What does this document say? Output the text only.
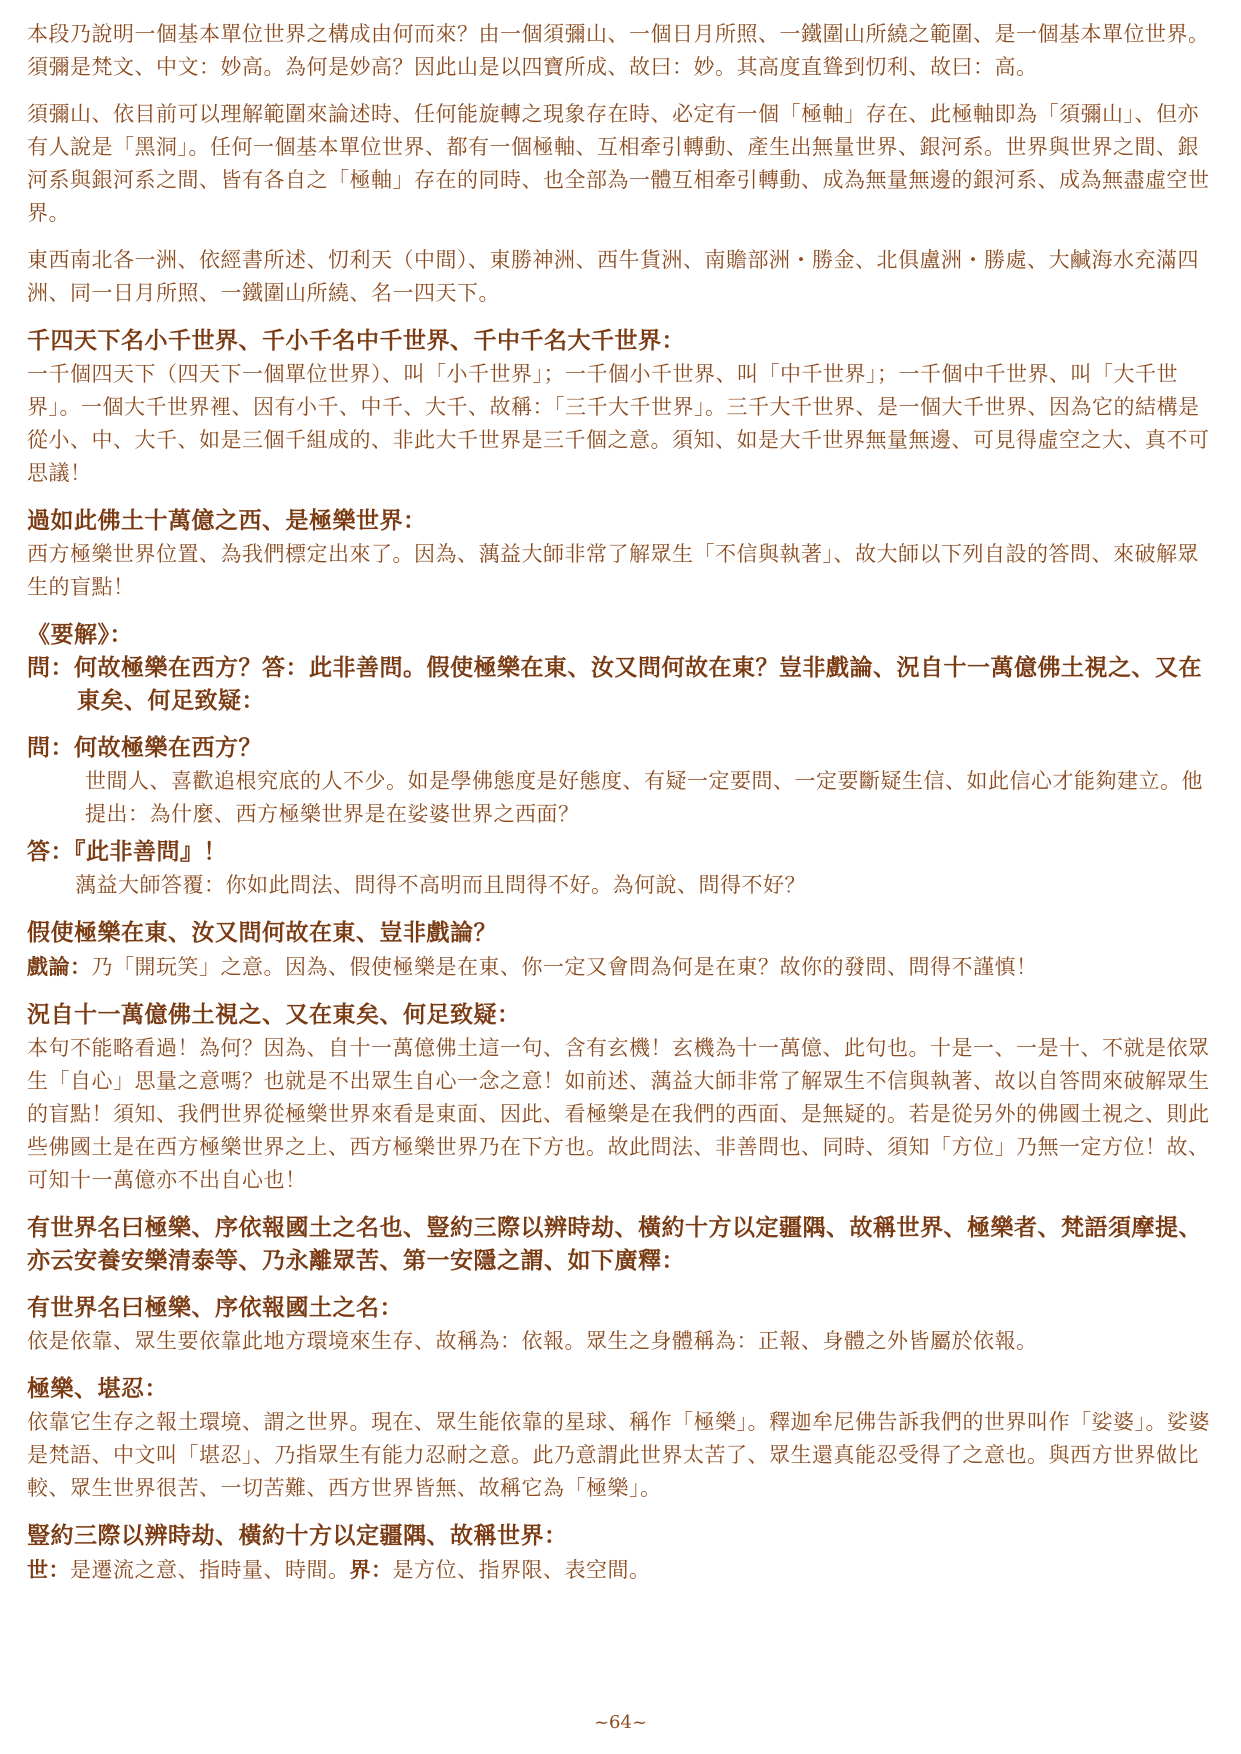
本段乃說明一個基本單位世界之構成由何而來？由一個須彌山、一個日月所照、一鐵圍山所繞之範圍、是一個基本單位世界。須彌是梵文、中文：妙高。為何是妙高？因此山是以四寶所成、故曰：妙。其高度直聳到忉利、故曰：高。

須彌山、依目前可以理解範圍來論述時、任何能旋轉之現象存在時、必定有一個「極軸」存在、此極軸即為「須彌山」、但亦有人說是「黑洞」。任何一個基本單位世界、都有一個極軸、互相牽引轉動、產生出無量世界、銀河系。世界與世界之間、銀河系與銀河系之間、皆有各自之「極軸」存在的同時、也全部為一體互相牽引轉動、成為無量無邊的銀河系、成為無盡虛空世界。

東西南北各一洲、依經書所述、忉利天（中間）、東勝神洲、西牛貨洲、南贍部洲・勝金、北俱盧洲・勝處、大鹹海水充滿四洲、同一日月所照、一鐵圍山所繞、名一四天下。

千四天下名小千世界、千小千名中千世界、千中千名大千世界：

一千個四天下（四天下一個單位世界）、叫「小千世界」；一千個小千世界、叫「中千世界」；一千個中千世界、叫「大千世界」。一個大千世界裡、因有小千、中千、大千、故稱：「三千大千世界」。三千大千世界、是一個大千世界、因為它的結構是從小、中、大千、如是三個千組成的、非此大千世界是三千個之意。須知、如是大千世界無量無邊、可見得虛空之大、真不可思議！

過如此佛土十萬億之西、是極樂世界：

西方極樂世界位置、為我們標定出來了。因為、蕅益大師非常了解眾生「不信與執著」、故大師以下列自設的答問、來破解眾生的盲點！

《要解》：

問：何故極樂在西方？答：此非善問。假使極樂在東、汝又問何故在東？豈非戲論、況自十一萬億佛土視之、又在東矣、何足致疑：

問：何故極樂在西方？

世間人、喜歡追根究底的人不少。如是學佛態度是好態度、有疑一定要問、一定要斷疑生信、如此信心才能夠建立。他提出：為什麼、西方極樂世界是在娑婆世界之西面？

答：『此非善問』！

蕅益大師答覆：你如此問法、問得不高明而且問得不好。為何說、問得不好？

假使極樂在東、汝又問何故在東、豈非戲論？

戲論：乃「開玩笑」之意。因為、假使極樂是在東、你一定又會問為何是在東？故你的發問、問得不謹慎！

況自十一萬億佛土視之、又在東矣、何足致疑：

本句不能略看過！為何？因為、自十一萬億佛土這一句、含有玄機！玄機為十一萬億、此句也。十是一、一是十、不就是依眾生「自心」思量之意嗎？也就是不出眾生自心一念之意！如前述、蕅益大師非常了解眾生不信與執著、故以自答問來破解眾生的盲點！須知、我們世界從極樂世界來看是東面、因此、看極樂是在我們的西面、是無疑的。若是從另外的佛國土視之、則此些佛國土是在西方極樂世界之上、西方極樂世界乃在下方也。故此問法、非善問也、同時、須知「方位」乃無一定方位！故、可知十一萬億亦不出自心也！

有世界名曰極樂、序依報國土之名也、豎約三際以辨時劫、橫約十方以定疆隅、故稱世界、極樂者、梵語須摩提、亦云安養安樂清泰等、乃永離眾苦、第一安隱之謂、如下廣釋：

有世界名曰極樂、序依報國土之名：

依是依靠、眾生要依靠此地方環境來生存、故稱為：依報。眾生之身體稱為：正報、身體之外皆屬於依報。

極樂、堪忍：

依靠它生存之報土環境、謂之世界。現在、眾生能依靠的星球、稱作「極樂」。釋迦牟尼佛告訴我們的世界叫作「娑婆」。娑婆是梵語、中文叫「堪忍」、乃指眾生有能力忍耐之意。此乃意謂此世界太苦了、眾生還真能忍受得了之意也。與西方世界做比較、眾生世界很苦、一切苦難、西方世界皆無、故稱它為「極樂」。

豎約三際以辨時劫、橫約十方以定疆隅、故稱世界：

世：是遷流之意、指時量、時間。界：是方位、指界限、表空間。

~64~
